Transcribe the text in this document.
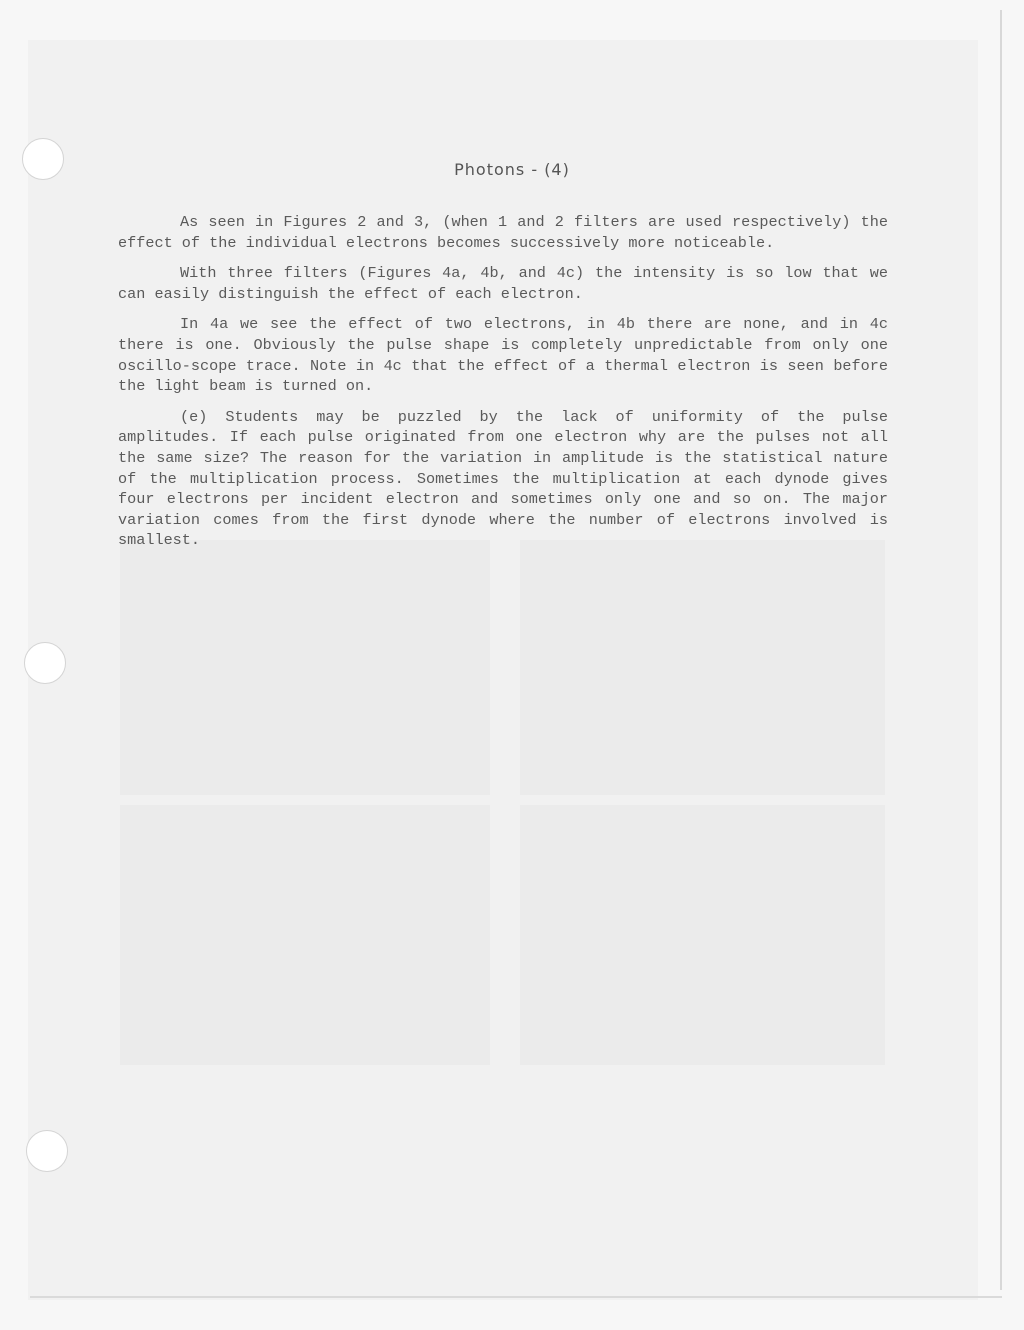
Photons - (4)

As seen in Figures 2 and 3, (when 1 and 2 filters are used respectively) the effect of the individual electrons becomes successively more noticeable.

With three filters (Figures 4a, 4b, and 4c) the intensity is so low that we can easily distinguish the effect of each electron.

In 4a we see the effect of two electrons, in 4b there are none, and in 4c there is one. Obviously the pulse shape is completely unpredictable from only one oscillo-scope trace. Note in 4c that the effect of a thermal electron is seen before the light beam is turned on.

(e) Students may be puzzled by the lack of uniformity of the pulse amplitudes. If each pulse originated from one electron why are the pulses not all the same size? The reason for the variation in amplitude is the statistical nature of the multiplication process. Sometimes the multiplication at each dynode gives four electrons per incident electron and sometimes only one and so on. The major variation comes from the first dynode where the number of electrons involved is smallest.
